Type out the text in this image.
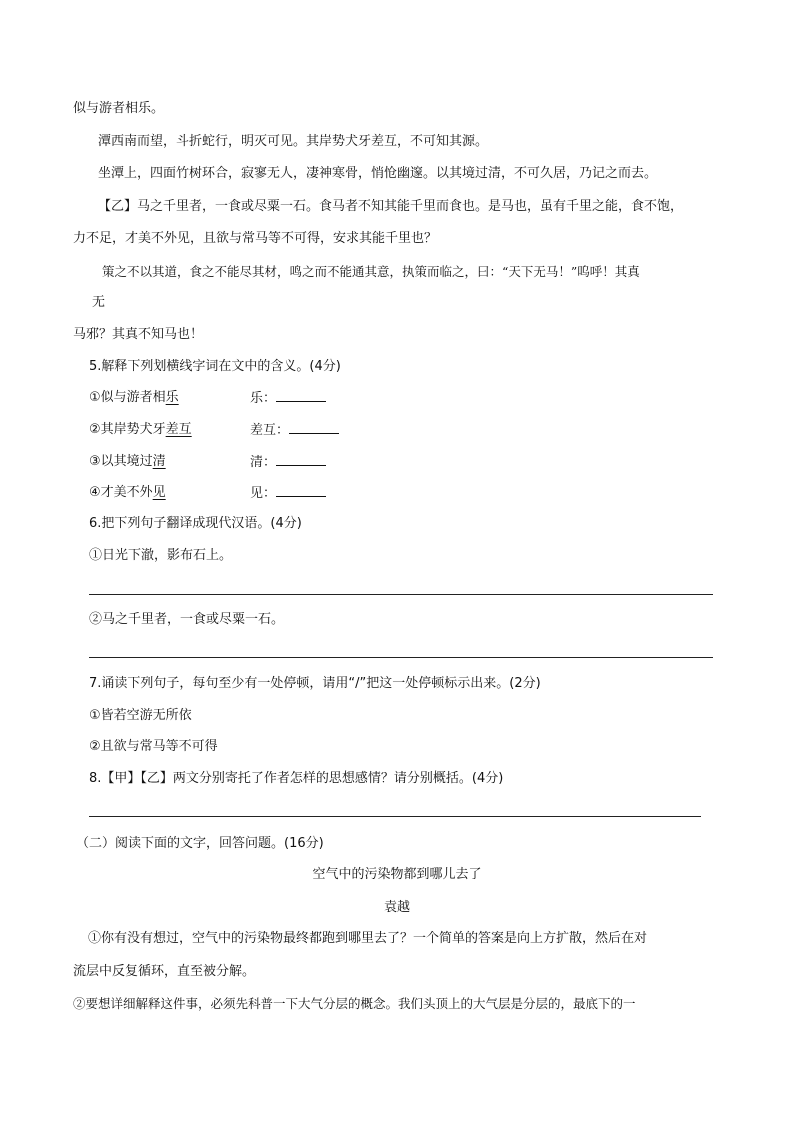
似与游者相乐。
潭西南而望，斗折蛇行，明灭可见。其岸势犬牙差互，不可知其源。
坐潭上，四面竹树环合，寂寥无人，凄神寒骨，悄怆幽邃。以其境过清，不可久居，乃记之而去。
【乙】马之千里者，一食或尽粟一石。食马者不知其能千里而食也。是马也，虽有千里之能，食不饱，
力不足，才美不外见，且欲与常马等不可得，安求其能千里也？
策之不以其道，食之不能尽其材，鸣之而不能通其意，执策而临之，曰：“天下无马！”呜呼！其真
无
马邪？其真不知马也！
5.解释下列划横线字词在文中的含义。(4分)
①似与游者相乐	乐：
②其岸势犬牙差互	差互：
③以其境过清	清：
④才美不外见	见：
6.把下列句子翻译成现代汉语。(4分)
①日光下澈，影布石上。
②马之千里者，一食或尽粟一石。
7.诵读下列句子，每句至少有一处停顿，请用“/”把这一处停顿标示出来。(2分)
①皆若空游无所依
②且欲与常马等不可得
8.【甲】【乙】两文分别寄托了作者怎样的思想感情？请分别概括。(4分)
（二）阅读下面的文字，回答问题。(16分)
空气中的污染物都到哪儿去了
袁越
①你有没有想过，空气中的污染物最终都跑到哪里去了？一个简单的答案是向上方扩散，然后在对
流层中反复循环，直至被分解。
②要想详细解释这件事，必须先科普一下大气分层的概念。我们头顶上的大气层是分层的，最底下的一
